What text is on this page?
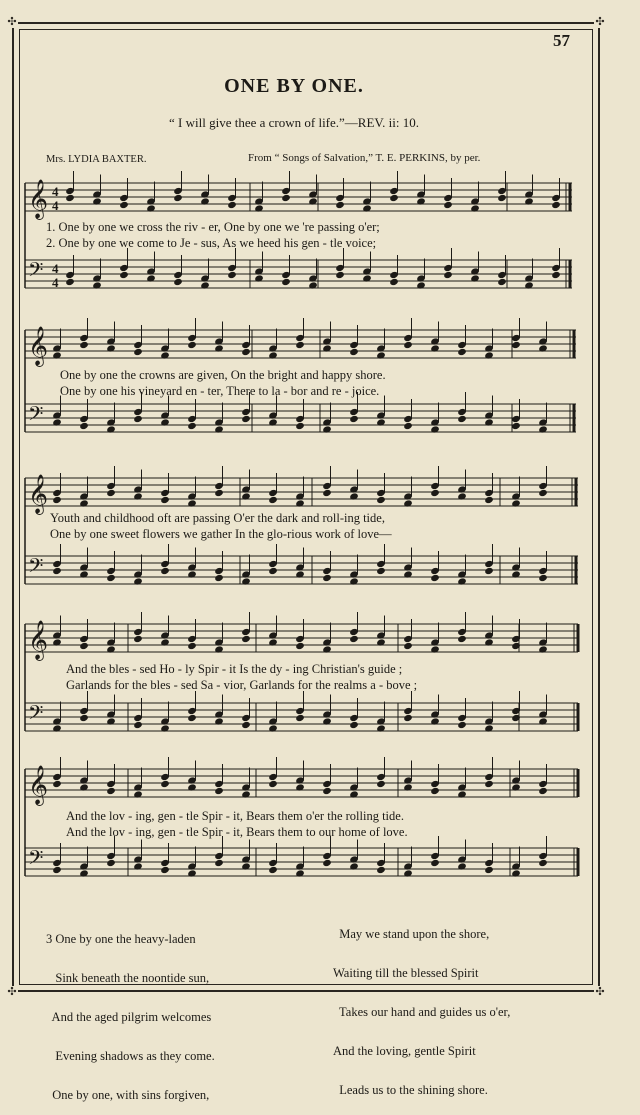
✣	✣
✣	✣
57
ONE BY ONE.
“ I will give thee a crown of life.”—REV. ii: 10.
Mrs. LYDIA BAXTER.	From “ Songs of Salvation,” T. E. PERKINS, by per.
𝄞 4
4
𝄢 4
4
𝄞
𝄢
𝄞
𝄢
𝄞
𝄢
𝄞
𝄢
1. One by one we cross the riv - er, One by one we 're passing o'er;
2. One by one we come to Je - sus, As we heed his gen - tle voice;
One by one the crowns are given, On the bright and happy shore.
One by one his vineyard en - ter, There to la - bor and re - joice.
Youth and childhood oft are passing O'er the dark and roll-ing tide,
One by one sweet flowers we gather In the glo-rious work of love—
And the bles - sed Ho - ly Spir - it Is the dy - ing Christian's guide ;
Garlands for the bles - sed Sa - vior, Garlands for the realms a - bove ;
And the lov - ing, gen - tle Spir - it, Bears them o'er the rolling tide.
And the lov - ing, gen - tle Spir - it, Bears them to our home of love.

3 One by one the heavy-laden

Sink beneath the noontide sun,

And the aged pilgrim welcomes

Evening shadows as they come.

One by one, with sins forgiven,

May we stand upon the shore,

Waiting till the blessed Spirit

Takes our hand and guides us o'er,

And the loving, gentle Spirit

Leads us to the shining shore.
